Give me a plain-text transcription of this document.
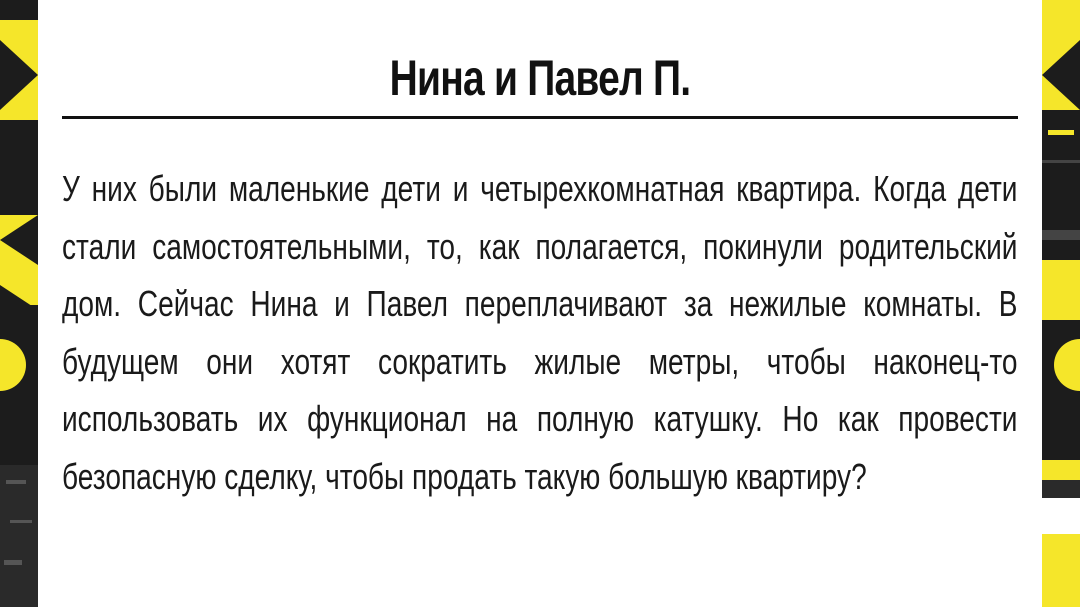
Нина и Павел П.
У них были маленькие дети и четырехкомнатная квартира. Когда дети стали самостоятельными, то, как полагается, покинули родительский дом. Сейчас Нина и Павел переплачивают за нежилые комнаты. В будущем они хотят сократить жилые метры, чтобы наконец-то использовать их функционал на полную катушку. Но как провести безопасную сделку, чтобы продать такую большую квартиру?
